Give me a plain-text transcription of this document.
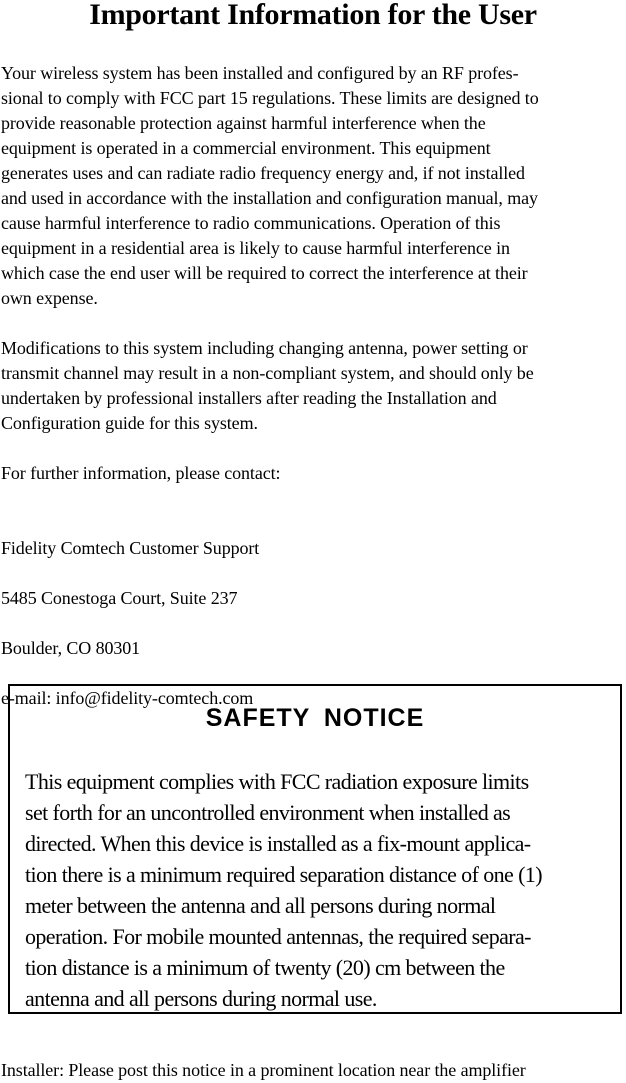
Important Information for the User

Your wireless system has been installed and configured by an RF profes-
sional to comply with FCC part 15 regulations. These limits are designed to
provide reasonable protection against harmful interference when the
equipment is operated in a commercial environment. This equipment
generates uses and can radiate radio frequency energy and, if not installed
and used in accordance with the installation and configuration manual, may
cause harmful interference to radio communications. Operation of this
equipment in a residential area is likely to cause harmful interference in
which case the end user will be required to correct the interference at their
own expense.

Modifications to this system including changing antenna, power setting or
transmit channel may result in a non-compliant system, and should only be
undertaken by professional installers after reading the Installation and
Configuration guide for this system.

For further information, please contact:

Fidelity Comtech Customer Support

5485 Conestoga Court, Suite 237

Boulder, CO 80301

e-mail: info@fidelity-comtech.com

SAFETY NOTICE

This equipment complies with FCC radiation exposure limits
set forth for an uncontrolled environment when installed as
directed. When this device is installed as a fix-mount applica-
tion there is a minimum required separation distance of one (1)
meter between the antenna and all persons during normal
operation. For mobile mounted antennas, the required separa-
tion distance is a minimum of twenty (20) cm between the
antenna and all persons during normal use.

Installer: Please post this notice in a prominent location near the amplifier
